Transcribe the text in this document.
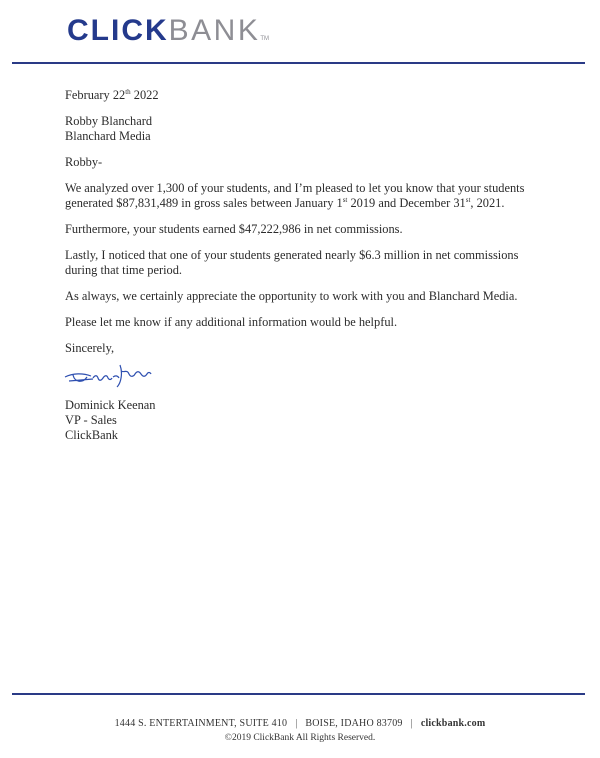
CLICKBANKTM

February 22th 2022

Robby Blanchard

Blanchard Media

Robby-

We analyzed over 1,300 of your students, and I’m pleased to let you know that your students generated $87,831,489 in gross sales between January 1st 2019 and December 31st, 2021.

Furthermore, your students earned $47,222,986 in net commissions.

Lastly, I noticed that one of your students generated nearly $6.3 million in net commissions during that time period.

As always, we certainly appreciate the opportunity to work with you and Blanchard Media.

Please let me know if any additional information would be helpful.

Sincerely,

Dominick Keenan

VP - Sales

ClickBank

1444 S. ENTERTAINMENT, SUITE 410 | BOISE, IDAHO 83709 | clickbank.com
©2019 ClickBank All Rights Reserved.
